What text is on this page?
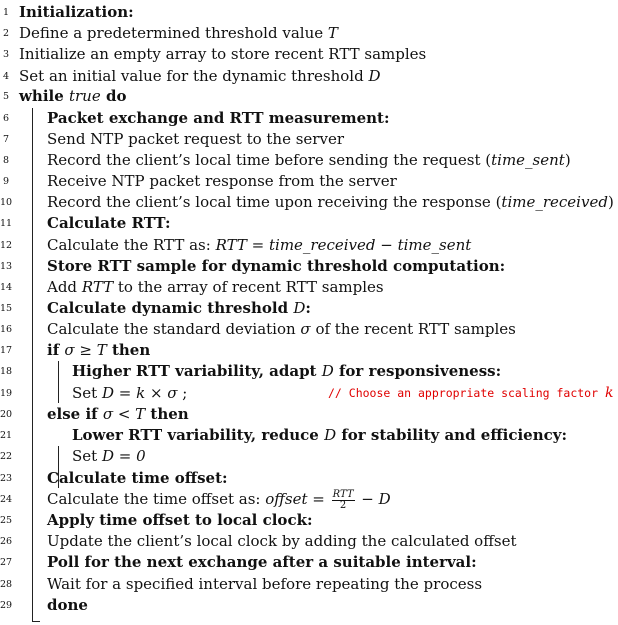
1 Initialization:
2 Define a predetermined threshold value T
3 Initialize an empty array to store recent RTT samples
4 Set an initial value for the dynamic threshold D
5 while true do
6	Packet exchange and RTT measurement:
7	Send NTP packet request to the server
8	Record the client’s local time before sending the request (time_sent)
9	Receive NTP packet response from the server
10 Record the client’s local time upon receiving the response (time_received)
11 Calculate RTT:
12 Calculate the RTT as: RTT = time_received − time_sent
13 Store RTT sample for dynamic threshold computation:
14 Add RTT to the array of recent RTT samples
15 Calculate dynamic threshold D:
16 Calculate the standard deviation σ of the recent RTT samples
17 if σ ≥ T then
18	Higher RTT variability, adapt D for responsiveness:
19	Set D = k × σ ;	// Choose an appropriate scaling factor k
20 else if σ < T then
21	Lower RTT variability, reduce D for stability and efficiency:
22	Set D = 0
23 Calculate time offset:
24 Calculate the time offset as: offset = $\frac{\text{RTT}}{2} - D$
25 Apply time offset to local clock:
26 Update the client’s local clock by adding the calculated offset
27 Poll for the next exchange after a suitable interval:
28 Wait for a specified interval before repeating the process
29 done
